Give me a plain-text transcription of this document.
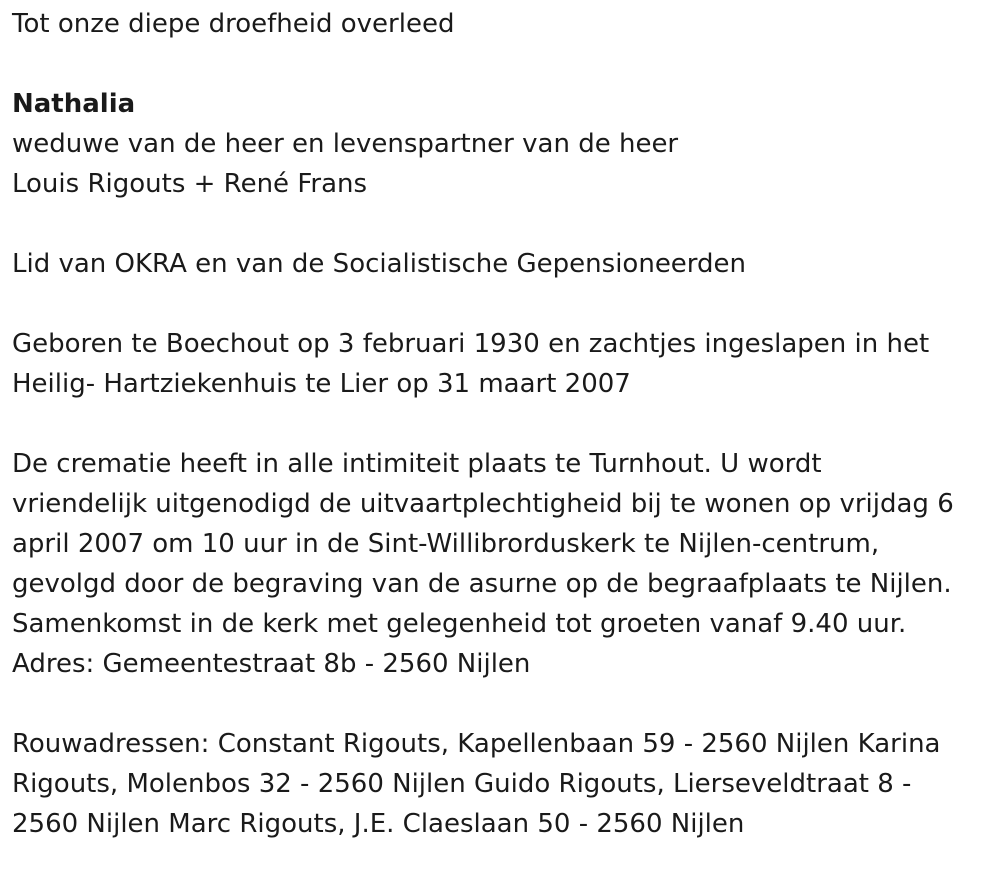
Tot onze diepe droefheid overleed
Nathalia
weduwe van de heer en levenspartner van de heer
Louis Rigouts + René Frans
Lid van OKRA en van de Socialistische Gepensioneerden
Geboren te Boechout op 3 februari 1930 en zachtjes ingeslapen in het
Heilig- Hartziekenhuis te Lier op 31 maart 2007
De crematie heeft in alle intimiteit plaats te Turnhout. U wordt
vriendelijk uitgenodigd de uitvaartplechtigheid bij te wonen op vrijdag 6
april 2007 om 10 uur in de Sint-Willibrorduskerk te Nijlen-centrum,
gevolgd door de begraving van de asurne op de begraafplaats te Nijlen.
Samenkomst in de kerk met gelegenheid tot groeten vanaf 9.40 uur.
Adres: Gemeentestraat 8b - 2560 Nijlen
Rouwadressen: Constant Rigouts, Kapellenbaan 59 - 2560 Nijlen Karina
Rigouts, Molenbos 32 - 2560 Nijlen Guido Rigouts, Lierseveldtraat 8 -
2560 Nijlen Marc Rigouts, J.E. Claeslaan 50 - 2560 Nijlen
